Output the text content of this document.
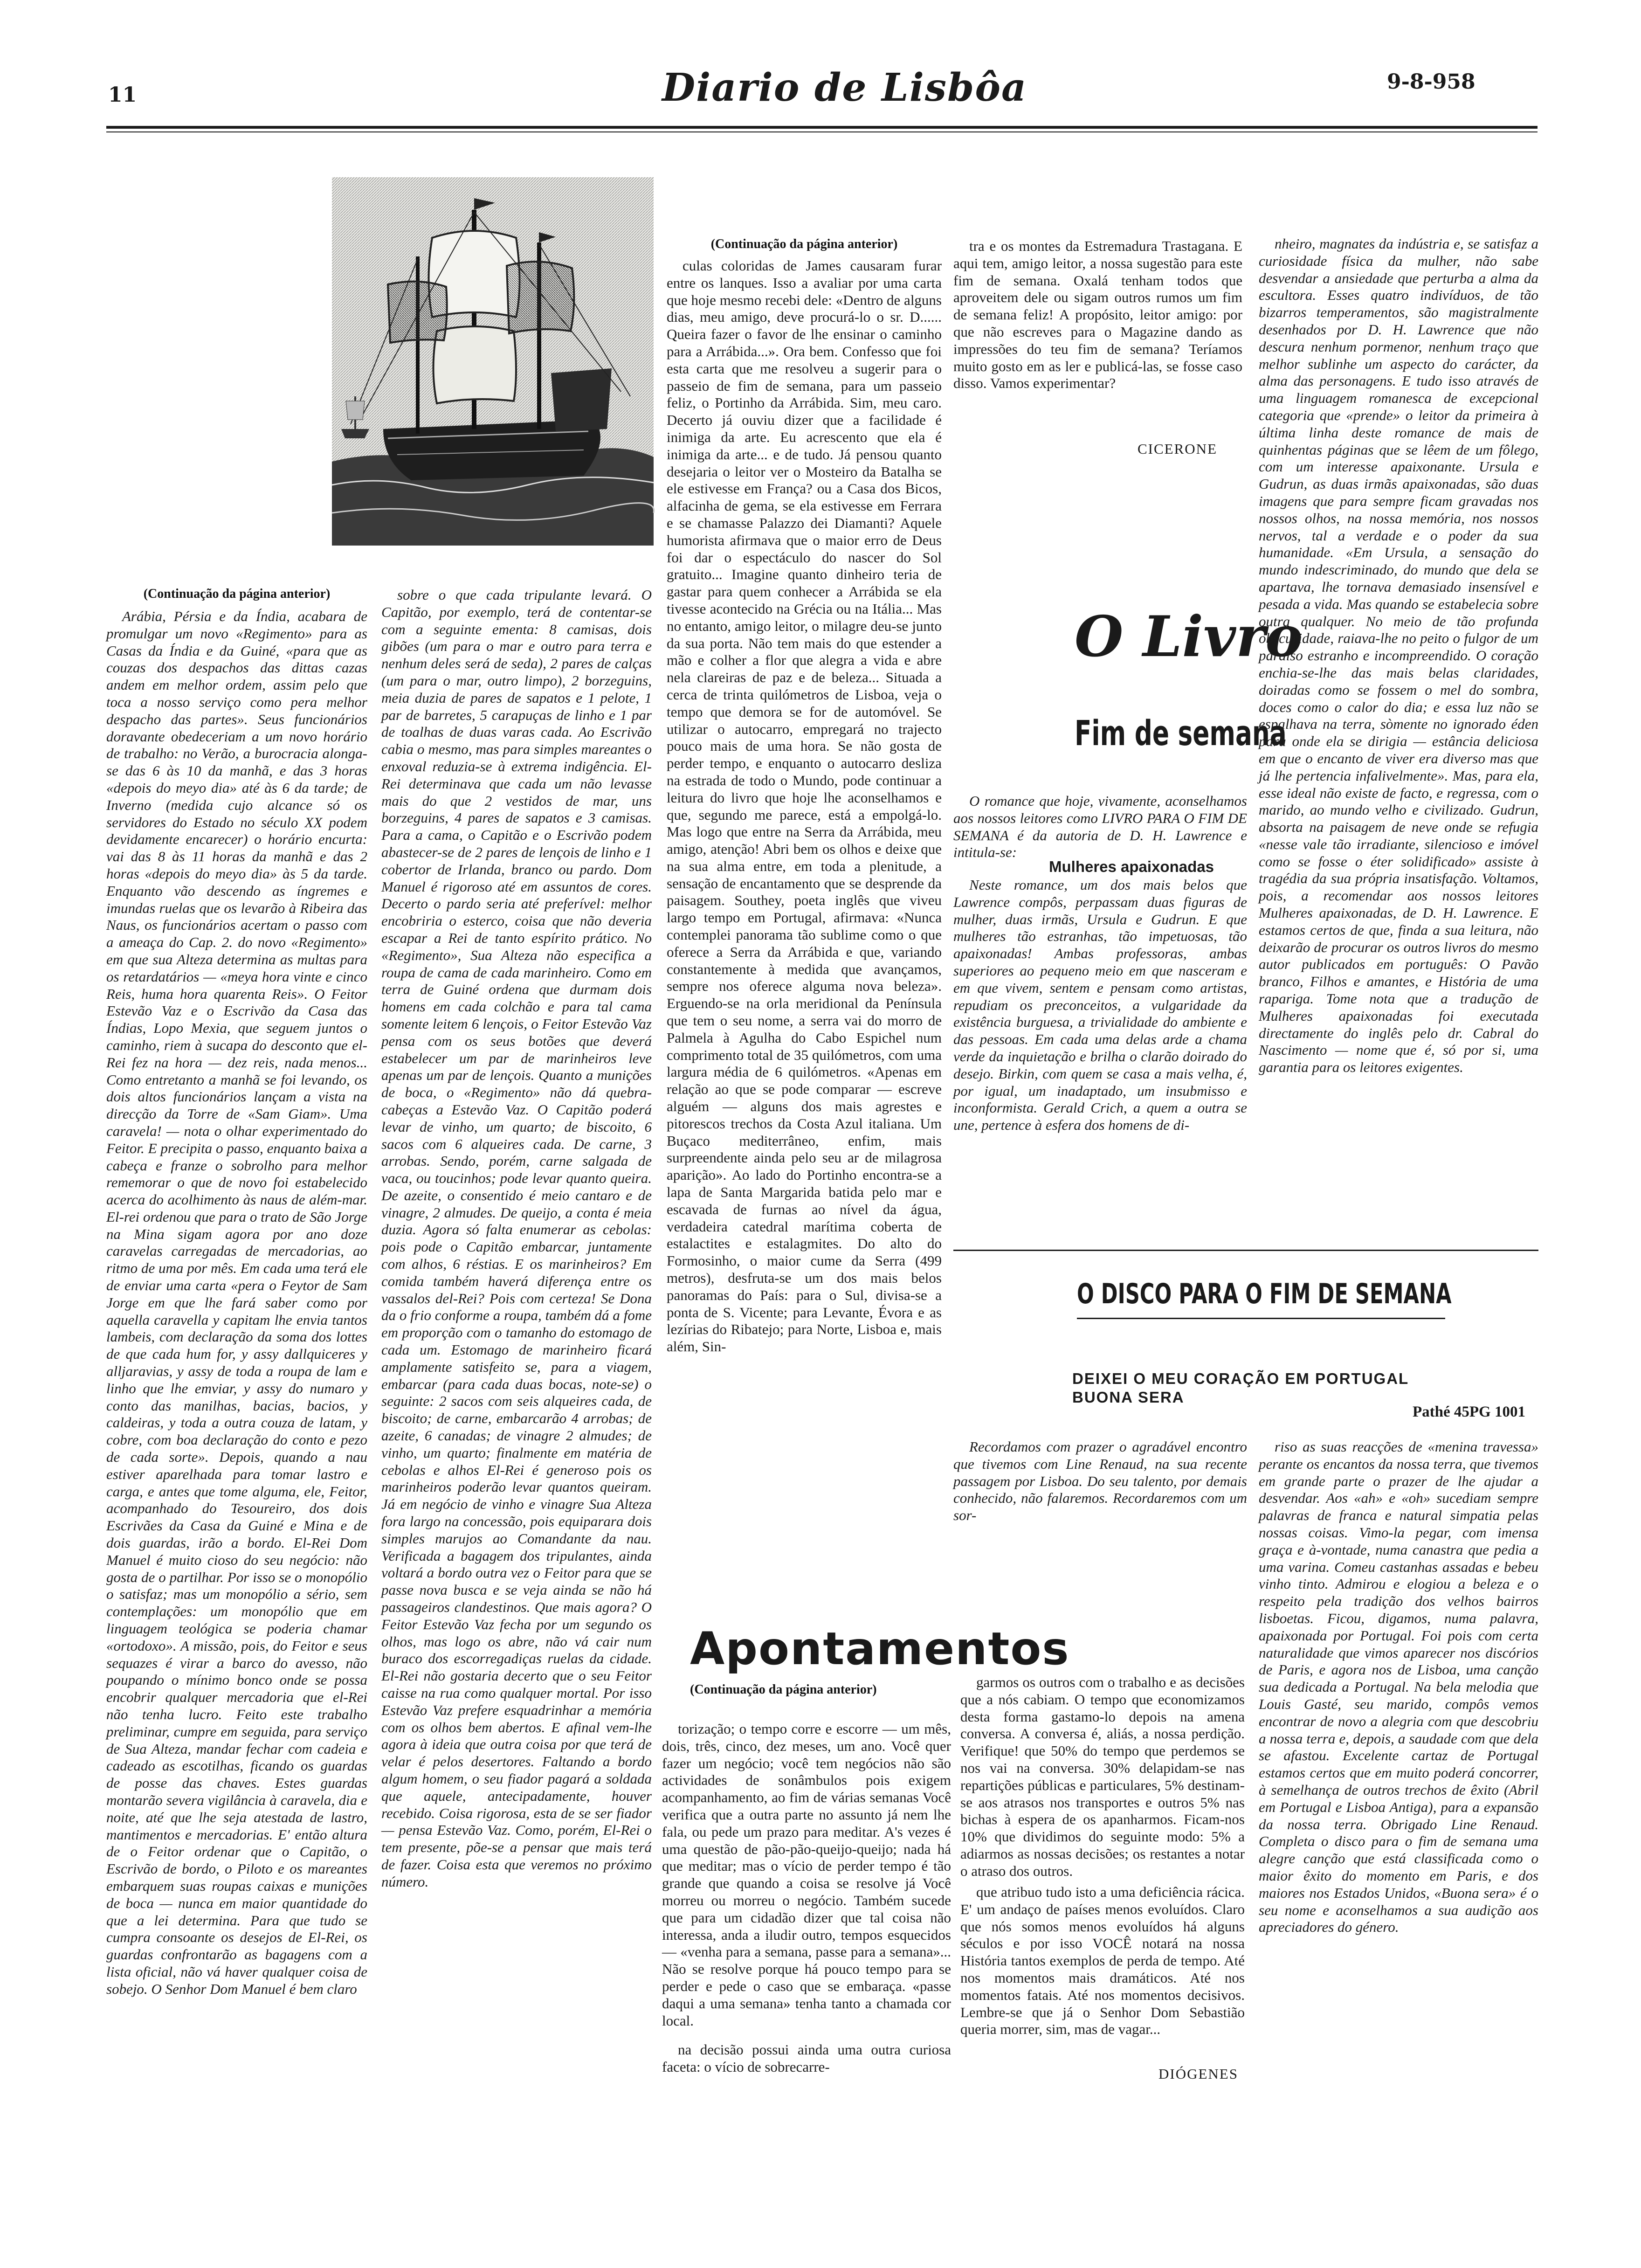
11	Diario de Lisbôa	9-8-958
(Continuação da página anterior)

Arábia, Pérsia e da Índia, acabara de promulgar um novo «Regimento» para as Casas da Índia e da Guiné, «para que as couzas dos despachos das dittas cazas andem em melhor ordem, assim pelo que toca a nosso serviço como pera melhor despacho das partes». Seus funcionários doravante obedeceriam a um novo horário de trabalho: no Verão, a burocracia alonga-se das 6 às 10 da manhã, e das 3 horas «depois do meyo dia» até às 6 da tarde; de Inverno (medida cujo alcance só os servidores do Estado no século XX podem devidamente encarecer) o horário encurta: vai das 8 às 11 horas da manhã e das 2 horas «depois do meyo dia» às 5 da tarde. Enquanto vão descendo as íngremes e imundas ruelas que os levarão à Ribeira das Naus, os funcionários acertam o passo com a ameaça do Cap. 2. do novo «Regimento» em que sua Alteza determina as multas para os retardatários — «meya hora vinte e cinco Reis, huma hora quarenta Reis». O Feitor Estevão Vaz e o Escrivão da Casa das Índias, Lopo Mexia, que seguem juntos o caminho, riem à sucapa do desconto que el-Rei fez na hora — dez reis, nada menos... Como entretanto a manhã se foi levando, os dois altos funcionários lançam a vista na direcção da Torre de «Sam Giam». Uma caravela! — nota o olhar experimentado do Feitor. E precipita o passo, enquanto baixa a cabeça e franze o sobrolho para melhor rememorar o que de novo foi estabelecido acerca do acolhimento às naus de além-mar. El-rei ordenou que para o trato de São Jorge na Mina sigam agora por ano doze caravelas carregadas de mercadorias, ao ritmo de uma por mês. Em cada uma terá ele de enviar uma carta «pera o Feytor de Sam Jorge em que lhe fará saber como por aquella caravella y capitam lhe envia tantos lambeis, com declaração da soma dos lottes de que cada hum for, y assy dallquiceres y alljaravias, y assy de toda a roupa de lam e linho que lhe emviar, y assy do numaro y conto das manilhas, bacias, bacios, y caldeiras, y toda a outra couza de latam, y cobre, com boa declaração do conto e pezo de cada sorte». Depois, quando a nau estiver aparelhada para tomar lastro e carga, e antes que tome alguma, ele, Feitor, acompanhado do Tesoureiro, dos dois Escrivães da Casa da Guiné e Mina e de dois guardas, irão a bordo. El-Rei Dom Manuel é muito cioso do seu negócio: não gosta de o partilhar. Por isso se o monopólio o satisfaz; mas um monopólio a sério, sem contemplações: um monopólio que em linguagem teológica se poderia chamar «ortodoxo». A missão, pois, do Feitor e seus sequazes é virar a barco do avesso, não poupando o mínimo bonco onde se possa encobrir qualquer mercadoria que el-Rei não tenha lucro. Feito este trabalho preliminar, cumpre em seguida, para serviço de Sua Alteza, mandar fechar com cadeia e cadeado as escotilhas, ficando os guardas de posse das chaves. Estes guardas montarão severa vigilância à caravela, dia e noite, até que lhe seja atestada de lastro, mantimentos e mercadorias. E' então altura de o Feitor ordenar que o Capitão, o Escrivão de bordo, o Piloto e os mareantes embarquem suas roupas caixas e munições de boca — nunca em maior quantidade do que a lei determina. Para que tudo se cumpra consoante os desejos de El-Rei, os guardas confrontarão as bagagens com a lista oficial, não vá haver qualquer coisa de sobejo. O Senhor Dom Manuel é bem claro

sobre o que cada tripulante levará. O Capitão, por exemplo, terá de contentar-se com a seguinte ementa: 8 camisas, dois gibões (um para o mar e outro para terra e nenhum deles será de seda), 2 pares de calças (um para o mar, outro limpo), 2 borzeguins, meia duzia de pares de sapatos e 1 pelote, 1 par de barretes, 5 carapuças de linho e 1 par de toalhas de duas varas cada. Ao Escrivão cabia o mesmo, mas para simples mareantes o enxoval reduzia-se à extrema indigência. El-Rei determinava que cada um não levasse mais do que 2 vestidos de mar, uns borzeguins, 4 pares de sapatos e 3 camisas. Para a cama, o Capitão e o Escrivão podem abastecer-se de 2 pares de lençois de linho e 1 cobertor de Irlanda, branco ou pardo. Dom Manuel é rigoroso até em assuntos de cores. Decerto o pardo seria até preferível: melhor encobriria o esterco, coisa que não deveria escapar a Rei de tanto espírito prático. No «Regimento», Sua Alteza não especifica a roupa de cama de cada marinheiro. Como em terra de Guiné ordena que durmam dois homens em cada colchão e para tal cama somente leitem 6 lençois, o Feitor Estevão Vaz pensa com os seus botões que deverá estabelecer um par de marinheiros leve apenas um par de lençois. Quanto a munições de boca, o «Regimento» não dá quebra-cabeças a Estevão Vaz. O Capitão poderá levar de vinho, um quarto; de biscoito, 6 sacos com 6 alqueires cada. De carne, 3 arrobas. Sendo, porém, carne salgada de vaca, ou toucinhos; pode levar quanto queira. De azeite, o consentido é meio cantaro e de vinagre, 2 almudes. De queijo, a conta é meia duzia. Agora só falta enumerar as cebolas: pois pode o Capitão embarcar, juntamente com alhos, 6 réstias. E os marinheiros? Em comida também haverá diferença entre os vassalos del-Rei? Pois com certeza! Se Dona da o frio conforme a roupa, também dá a fome em proporção com o tamanho do estomago de cada um. Estomago de marinheiro ficará amplamente satisfeito se, para a viagem, embarcar (para cada duas bocas, note-se) o seguinte: 2 sacos com seis alqueires cada, de biscoito; de carne, embarcarão 4 arrobas; de azeite, 6 canadas; de vinagre 2 almudes; de vinho, um quarto; finalmente em matéria de cebolas e alhos El-Rei é generoso pois os marinheiros poderão levar quantos queiram. Já em negócio de vinho e vinagre Sua Alteza fora largo na concessão, pois equiparara dois simples marujos ao Comandante da nau. Verificada a bagagem dos tripulantes, ainda voltará a bordo outra vez o Feitor para que se passe nova busca e se veja ainda se não há passageiros clandestinos. Que mais agora? O Feitor Estevão Vaz fecha por um segundo os olhos, mas logo os abre, não vá cair num buraco dos escorregadiças ruelas da cidade. El-Rei não gostaria decerto que o seu Feitor caisse na rua como qualquer mortal. Por isso Estevão Vaz prefere esquadrinhar a memória com os olhos bem abertos. E afinal vem-lhe agora à ideia que outra coisa por que terá de velar é pelos desertores. Faltando a bordo algum homem, o seu fiador pagará a soldada que aquele, antecipadamente, houver recebido. Coisa rigorosa, esta de se ser fiador — pensa Estevão Vaz. Como, porém, El-Rei o tem presente, põe-se a pensar que mais terá de fazer. Coisa esta que veremos no próximo número.

(Continuação da página anterior)

culas coloridas de James causaram furar entre os lanques. Isso a avaliar por uma carta que hoje mesmo recebi dele: «Dentro de alguns dias, meu amigo, deve procurá-lo o sr. D...... Queira fazer o favor de lhe ensinar o caminho para a Arrábida...». Ora bem. Confesso que foi esta carta que me resolveu a sugerir para o passeio de fim de semana, para um passeio feliz, o Portinho da Arrábida. Sim, meu caro. Decerto já ouviu dizer que a facilidade é inimiga da arte. Eu acrescento que ela é inimiga da arte... e de tudo. Já pensou quanto desejaria o leitor ver o Mosteiro da Batalha se ele estivesse em França? ou a Casa dos Bicos, alfacinha de gema, se ela estivesse em Ferrara e se chamasse Palazzo dei Diamanti? Aquele humorista afirmava que o maior erro de Deus foi dar o espectáculo do nascer do Sol gratuito... Imagine quanto dinheiro teria de gastar para quem conhecer a Arrábida se ela tivesse acontecido na Grécia ou na Itália... Mas no entanto, amigo leitor, o milagre deu-se junto da sua porta. Não tem mais do que estender a mão e colher a flor que alegra a vida e abre nela clareiras de paz e de beleza... Situada a cerca de trinta quilómetros de Lisboa, veja o tempo que demora se for de automóvel. Se utilizar o autocarro, empregará no trajecto pouco mais de uma hora. Se não gosta de perder tempo, e enquanto o autocarro desliza na estrada de todo o Mundo, pode continuar a leitura do livro que hoje lhe aconselhamos e que, segundo me parece, está a empolgá-lo. Mas logo que entre na Serra da Arrábida, meu amigo, atenção! Abri bem os olhos e deixe que na sua alma entre, em toda a plenitude, a sensação de encantamento que se desprende da paisagem. Southey, poeta inglês que viveu largo tempo em Portugal, afirmava: «Nunca contemplei panorama tão sublime como o que oferece a Serra da Arrábida e que, variando constantemente à medida que avançamos, sempre nos oferece alguma nova beleza». Erguendo-se na orla meridional da Península que tem o seu nome, a serra vai do morro de Palmela à Agulha do Cabo Espichel num comprimento total de 35 quilómetros, com uma largura média de 6 quilómetros. «Apenas em relação ao que se pode comparar — escreve alguém — alguns dos mais agrestes e pitorescos trechos da Costa Azul italiana. Um Buçaco mediterrâneo, enfim, mais surpreendente ainda pelo seu ar de milagrosa aparição». Ao lado do Portinho encontra-se a lapa de Santa Margarida batida pelo mar e escavada de furnas ao nível da água, verdadeira catedral marítima coberta de estalactites e estalagmites. Do alto do Formosinho, o maior cume da Serra (499 metros), desfruta-se um dos mais belos panoramas do País: para o Sul, divisa-se a ponta de S. Vicente; para Levante, Évora e as lezírias do Ribatejo; para Norte, Lisboa e, mais além, Sin-

tra e os montes da Estremadura Trastagana. E aqui tem, amigo leitor, a nossa sugestão para este fim de semana. Oxalá tenham todos que aproveitem dele ou sigam outros rumos um fim de semana feliz! A propósito, leitor amigo: por que não escreves para o Magazine dando as impressões do teu fim de semana? Teríamos muito gosto em as ler e publicá-las, se fosse caso disso. Vamos experimentar?

CICERONE
O Livro
Fim de semana

O romance que hoje, vivamente, aconselhamos aos nossos leitores como LIVRO PARA O FIM DE SEMANA é da autoria de D. H. Lawrence e intitula-se:

Mulheres apaixonadas

Neste romance, um dos mais belos que Lawrence compôs, perpassam duas figuras de mulher, duas irmãs, Ursula e Gudrun. E que mulheres tão estranhas, tão impetuosas, tão apaixonadas! Ambas professoras, ambas superiores ao pequeno meio em que nasceram e em que vivem, sentem e pensam como artistas, repudiam os preconceitos, a vulgaridade da existência burguesa, a trivialidade do ambiente e das pessoas. Em cada uma delas arde a chama verde da inquietação e brilha o clarão doirado do desejo. Birkin, com quem se casa a mais velha, é, por igual, um inadaptado, um insubmisso e inconformista. Gerald Crich, a quem a outra se une, pertence à esfera dos homens de di-

nheiro, magnates da indústria e, se satisfaz a curiosidade física da mulher, não sabe desvendar a ansiedade que perturba a alma da escultora. Esses quatro indivíduos, de tão bizarros temperamentos, são magistralmente desenhados por D. H. Lawrence que não descura nenhum pormenor, nenhum traço que melhor sublinhe um aspecto do carácter, da alma das personagens. E tudo isso através de uma linguagem romanesca de excepcional categoria que «prende» o leitor da primeira à última linha deste romance de mais de quinhentas páginas que se lêem de um fôlego, com um interesse apaixonante. Ursula e Gudrun, as duas irmãs apaixonadas, são duas imagens que para sempre ficam gravadas nos nossos olhos, na nossa memória, nos nossos nervos, tal a verdade e o poder da sua humanidade. «Em Ursula, a sensação do mundo indescriminado, do mundo que dela se apartava, lhe tornava demasiado insensível e pesada a vida. Mas quando se estabelecia sobre outra qualquer. No meio de tão profunda obscuridade, raiava-lhe no peito o fulgor de um paraíso estranho e incompreendido. O coração enchia-se-lhe das mais belas claridades, doiradas como se fossem o mel do sombra, doces como o calor do dia; e essa luz não se espalhava na terra, sòmente no ignorado éden para onde ela se dirigia — estância deliciosa em que o encanto de viver era diverso mas que já lhe pertencia infalivelmente». Mas, para ela, esse ideal não existe de facto, e regressa, com o marido, ao mundo velho e civilizado. Gudrun, absorta na paisagem de neve onde se refugia «nesse vale tão irradiante, silencioso e imóvel como se fosse o éter solidificado» assiste à tragédia da sua própria insatisfação. Voltamos, pois, a recomendar aos nossos leitores Mulheres apaixonadas, de D. H. Lawrence. E estamos certos de que, finda a sua leitura, não deixarão de procurar os outros livros do mesmo autor publicados em português: O Pavão branco, Filhos e amantes, e História de uma rapariga. Tome nota que a tradução de Mulheres apaixonadas foi executada directamente do inglês pelo dr. Cabral do Nascimento — nome que é, só por si, uma garantia para os leitores exigentes.

O DISCO PARA O FIM DE SEMANA
DEIXEI O MEU CORAÇÃO EM PORTUGAL
BUONA SERA
Pathé 45PG 1001

Recordamos com prazer o agradável encontro que tivemos com Line Renaud, na sua recente passagem por Lisboa. Do seu talento, por demais conhecido, não falaremos. Recordaremos com um sor-

riso as suas reacções de «menina travessa» perante os encantos da nossa terra, que tivemos em grande parte o prazer de lhe ajudar a desvendar. Aos «ah» e «oh» sucediam sempre palavras de franca e natural simpatia pelas nossas coisas. Vimo-la pegar, com imensa graça e à-vontade, numa canastra que pedia a uma varina. Comeu castanhas assadas e bebeu vinho tinto. Admirou e elogiou a beleza e o respeito pela tradição dos velhos bairros lisboetas. Ficou, digamos, numa palavra, apaixonada por Portugal. Foi pois com certa naturalidade que vimos aparecer nos discórios de Paris, e agora nos de Lisboa, uma canção sua dedicada a Portugal. Na bela melodia que Louis Gasté, seu marido, compôs vemos encontrar de novo a alegria com que descobriu a nossa terra e, depois, a saudade com que dela se afastou. Excelente cartaz de Portugal estamos certos que em muito poderá concorrer, à semelhança de outros trechos de êxito (Abril em Portugal e Lisboa Antiga), para a expansão da nossa terra. Obrigado Line Renaud. Completa o disco para o fim de semana uma alegre canção que está classificada como o maior êxito do momento em Paris, e dos maiores nos Estados Unidos, «Buona sera» é o seu nome e aconselhamos a sua audição aos apreciadores do género.

Apontamentos
(Continuação da página anterior)

torização; o tempo corre e escorre — um mês, dois, três, cinco, dez meses, um ano. Você quer fazer um negócio; você tem negócios não são actividades de sonâmbulos pois exigem acompanhamento, ao fim de várias semanas Você verifica que a outra parte no assunto já nem lhe fala, ou pede um prazo para meditar. A's vezes é uma questão de pão-pão-queijo-queijo; nada há que meditar; mas o vício de perder tempo é tão grande que quando a coisa se resolve já Você morreu ou morreu o negócio. Também sucede que para um cidadão dizer que tal coisa não interessa, anda a iludir outro, tempos esquecidos — «venha para a semana, passe para a semana»... Não se resolve porque há pouco tempo para se perder e pede o caso que se embaraça. «passe daqui a uma semana» tenha tanto a chamada cor local.

na decisão possui ainda uma outra curiosa faceta: o vício de sobrecarre-

garmos os outros com o trabalho e as decisões que a nós cabiam. O tempo que economizamos desta forma gastamo-lo depois na amena conversa. A conversa é, aliás, a nossa perdição. Verifique! que 50% do tempo que perdemos se nos vai na conversa. 30% delapidam-se nas repartições públicas e particulares, 5% destinam-se aos atrasos nos transportes e outros 5% nas bichas à espera de os apanharmos. Ficam-nos 10% que dividimos do seguinte modo: 5% a adiarmos as nossas decisões; os restantes a notar o atraso dos outros.

que atribuo tudo isto a uma deficiência rácica. E' um andaço de países menos evoluídos. Claro que nós somos menos evoluídos há alguns séculos e por isso VOCÊ notará na nossa História tantos exemplos de perda de tempo. Até nos momentos mais dramáticos. Até nos momentos fatais. Até nos momentos decisivos. Lembre-se que já o Senhor Dom Sebastião queria morrer, sim, mas de vagar...

DIÓGENES
